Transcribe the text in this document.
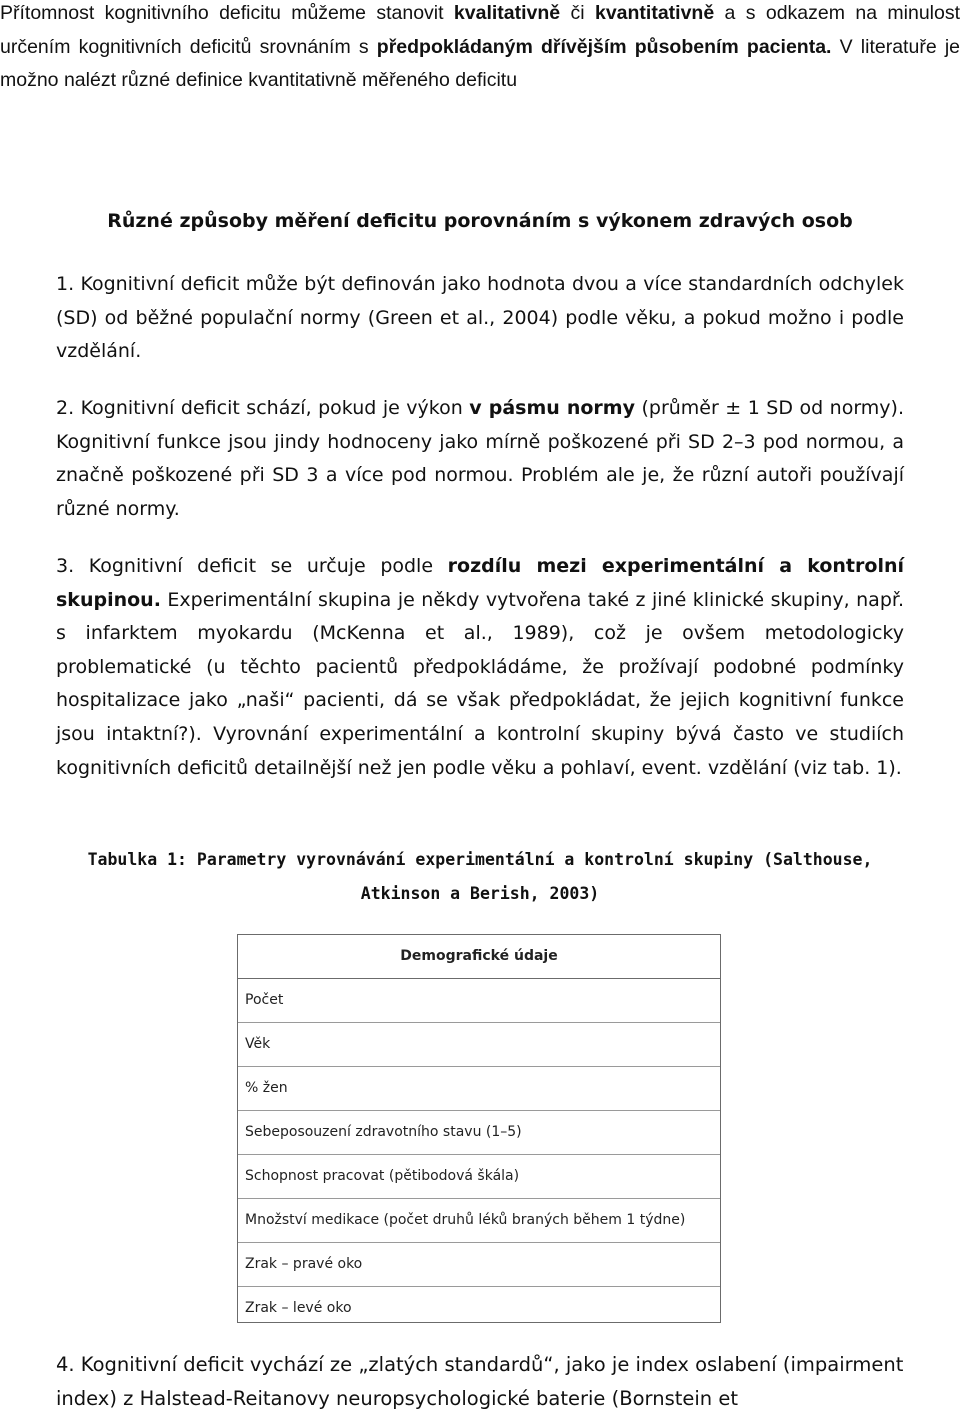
Přítomnost kognitivního deficitu můžeme stanovit kvalitativně či kvantitativně a s odkazem na minulost určením kognitivních deficitů srovnáním s předpokládaným dřívějším působením pacienta. V literatuře je možno nalézt různé definice kvantitativně měřeného deficitu
Různé způsoby měření deficitu porovnáním s výkonem zdravých osob
1. Kognitivní deficit může být definován jako hodnota dvou a více standardních odchylek (SD) od běžné populační normy (Green et al., 2004) podle věku, a pokud možno i podle vzdělání.
2. Kognitivní deficit schází, pokud je výkon v pásmu normy (průměr ± 1 SD od normy). Kognitivní funkce jsou jindy hodnoceny jako mírně poškozené při SD 2–3 pod normou, a značně poškozené při SD 3 a více pod normou. Problém ale je, že různí autoři používají různé normy.
3. Kognitivní deficit se určuje podle rozdílu mezi experimentální a kontrolní skupinou. Experimentální skupina je někdy vytvořena také z jiné klinické skupiny, např. s infarktem myokardu (McKenna et al., 1989), což je ovšem metodologicky problematické (u těchto pacientů předpokládáme, že prožívají podobné podmínky hospitalizace jako „naši“ pacienti, dá se však předpokládat, že jejich kognitivní funkce jsou intaktní?). Vyrovnání experimentální a kontrolní skupiny bývá často ve studiích kognitivních deficitů detailnější než jen podle věku a pohlaví, event. vzdělání (viz tab. 1).
Tabulka 1: Parametry vyrovnávání experimentální a kontrolní skupiny (Salthouse,
Atkinson a Berish, 2003)
Demografické údaje
Počet
Věk
% žen
Sebeposouzení zdravotního stavu (1–5)
Schopnost pracovat (pětibodová škála)
Množství medikace (počet druhů léků braných během 1 týdne)
Zrak – pravé oko
Zrak – levé oko
4. Kognitivní deficit vychází ze „zlatých standardů“, jako je index oslabení (impairment index) z Halstead-Reitanovy neuropsychologické baterie (Bornstein et
